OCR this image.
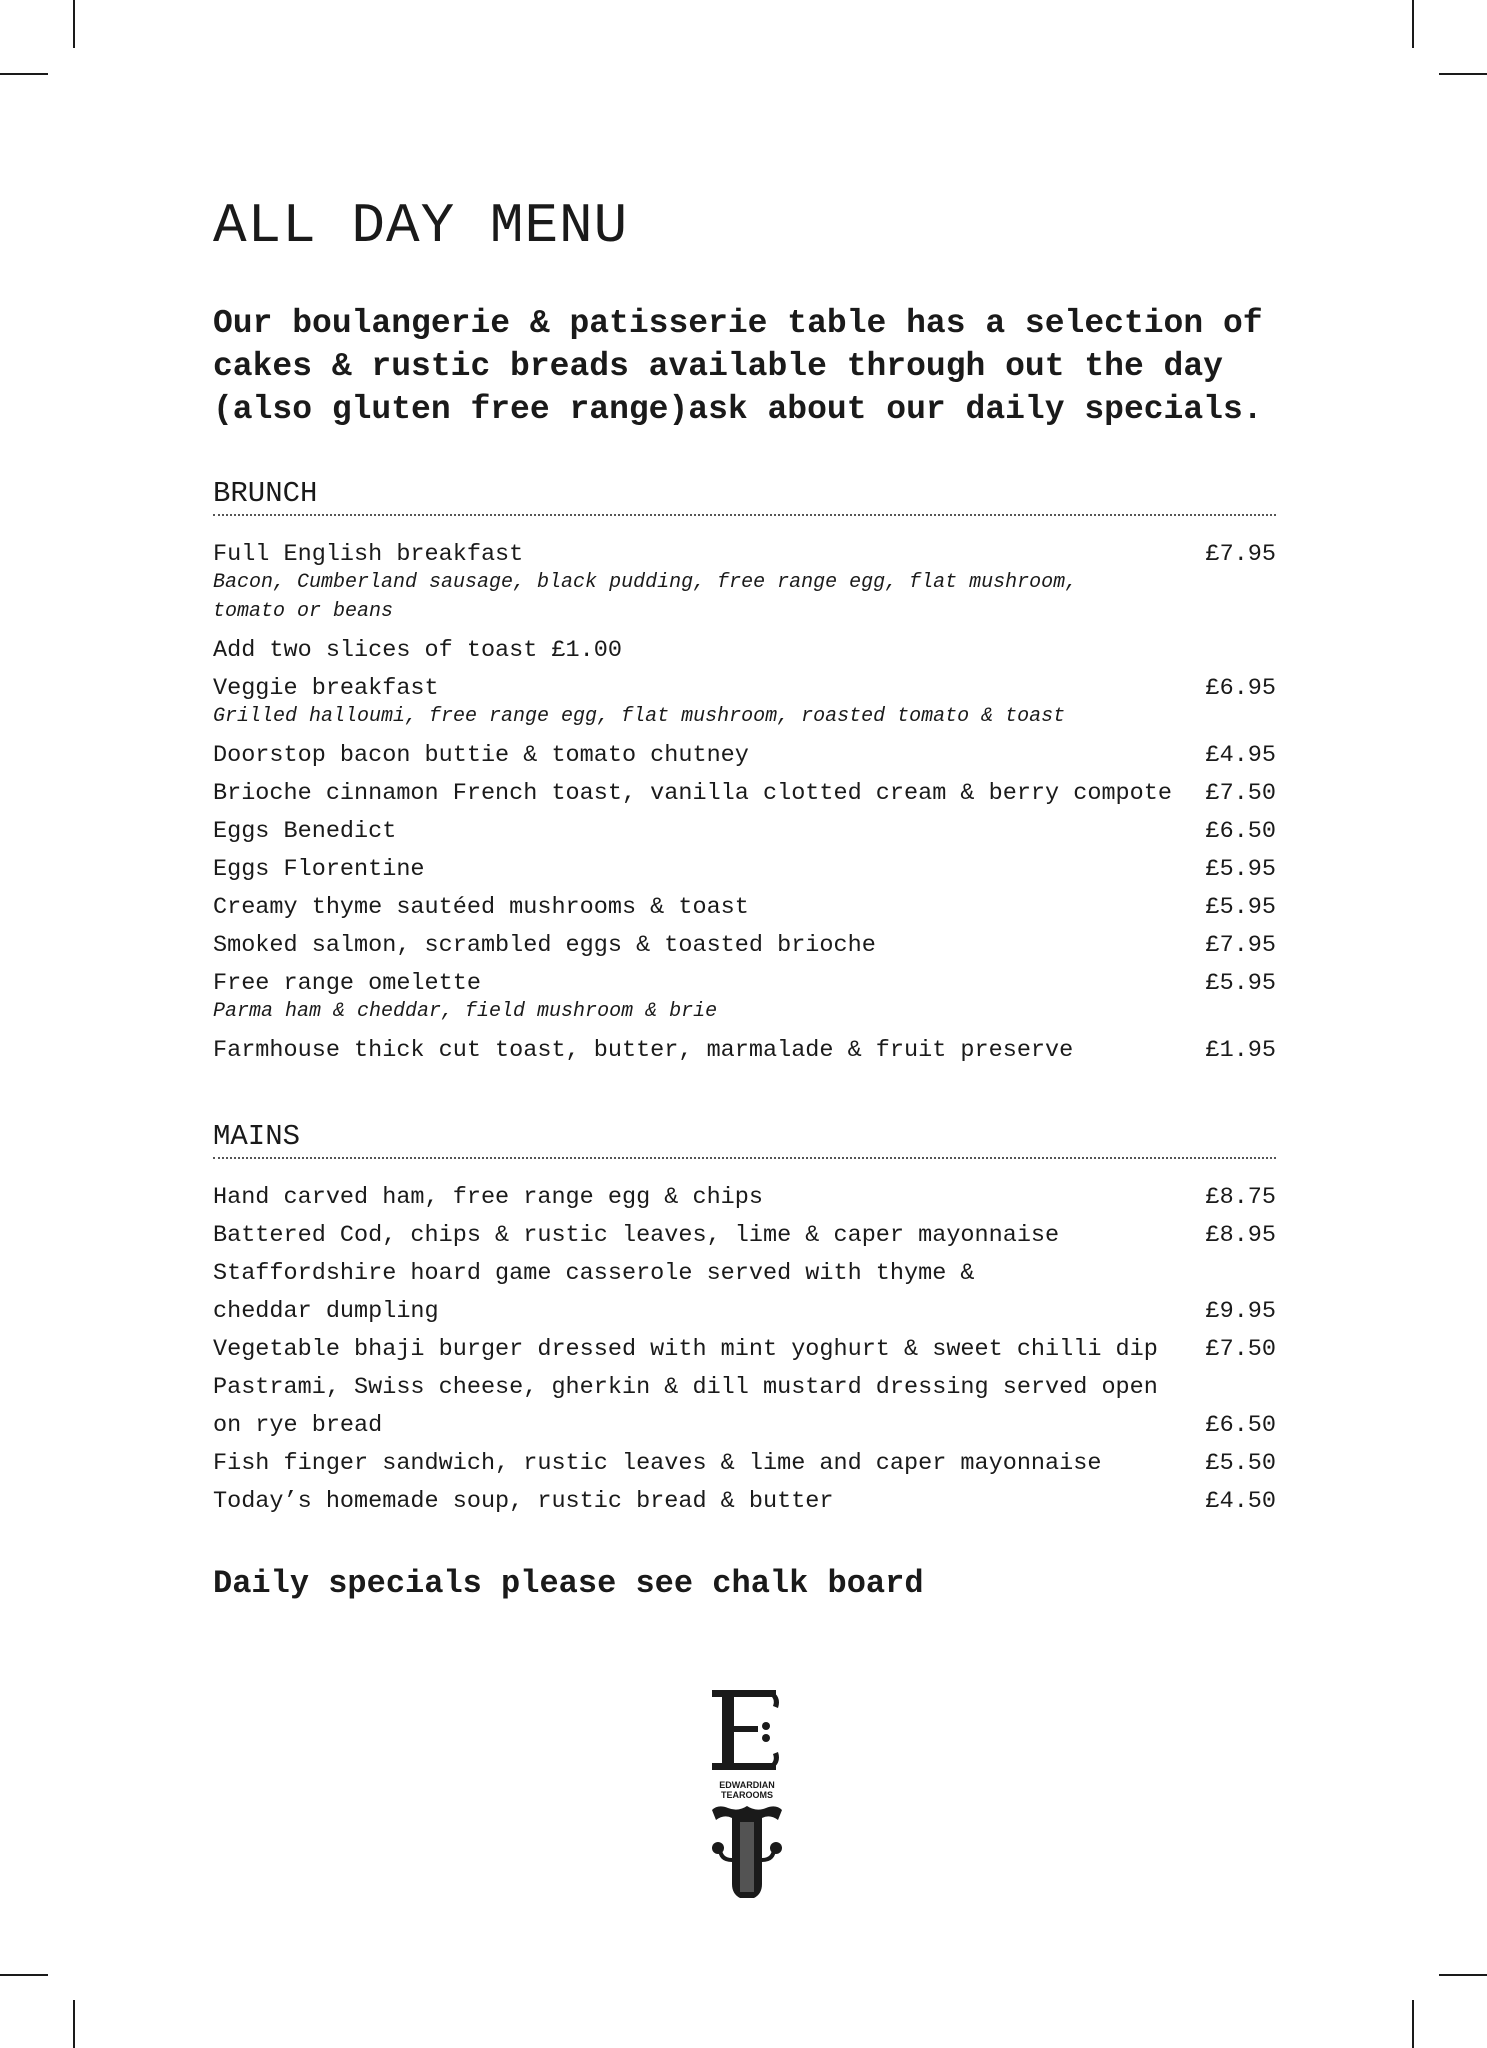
ALL DAY MENU
Our boulangerie & patisserie table has a selection of cakes & rustic breads available through out the day (also gluten free range)ask about our daily specials.
BRUNCH
Full English breakfast	£7.95
Bacon, Cumberland sausage, black pudding, free range egg, flat mushroom, tomato or beans
Add two slices of toast £1.00
Veggie breakfast	£6.95
Grilled halloumi, free range egg, flat mushroom, roasted tomato & toast
Doorstop bacon buttie & tomato chutney	£4.95
Brioche cinnamon French toast, vanilla clotted cream & berry compote	£7.50
Eggs Benedict	£6.50
Eggs Florentine	£5.95
Creamy thyme sautéed mushrooms & toast	£5.95
Smoked salmon, scrambled eggs & toasted brioche	£7.95
Free range omelette	£5.95
Parma ham & cheddar, field mushroom & brie
Farmhouse thick cut toast, butter, marmalade & fruit preserve	£1.95
MAINS
Hand carved ham, free range egg & chips	£8.75
Battered Cod, chips & rustic leaves, lime & caper mayonnaise	£8.95
Staffordshire hoard game casserole served with thyme &
cheddar dumpling	£9.95
Vegetable bhaji burger dressed with mint yoghurt & sweet chilli dip	£7.50
Pastrami, Swiss cheese, gherkin & dill mustard dressing served open
on rye bread	£6.50
Fish finger sandwich, rustic leaves & lime and caper mayonnaise	£5.50
Today’s homemade soup, rustic bread & butter	£4.50
Daily specials please see chalk board
EDWARDIAN
TEAROOMS
